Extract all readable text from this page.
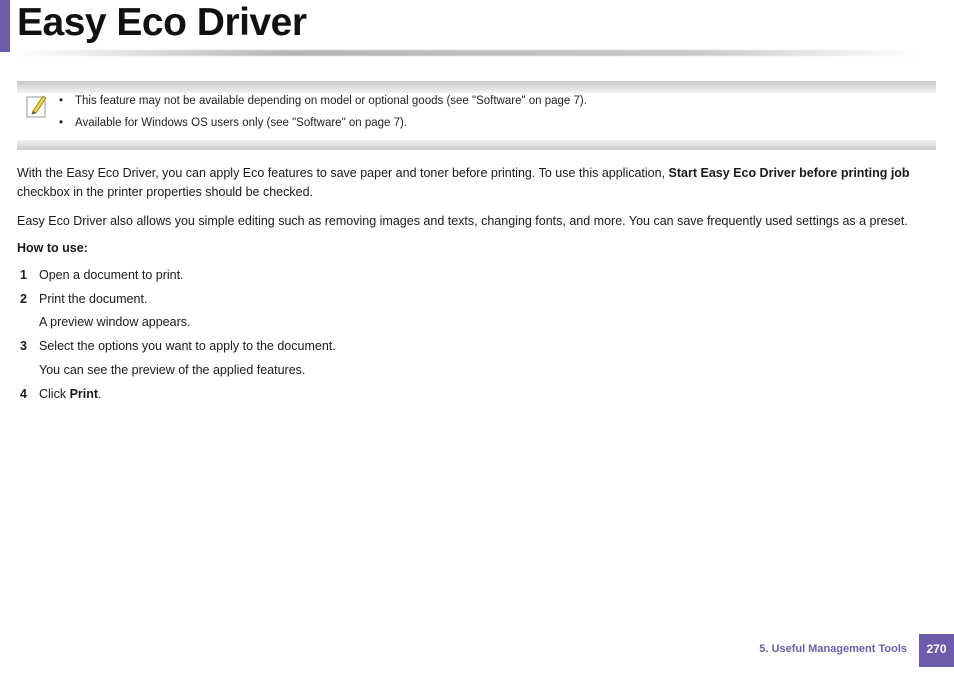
Easy Eco Driver
• This feature may not be available depending on model or optional goods (see "Software" on page 7).
• Available for Windows OS users only (see "Software" on page 7).

With the Easy Eco Driver, you can apply Eco features to save paper and toner before printing. To use this application, Start Easy Eco Driver before printing job checkbox in the printer properties should be checked.

Easy Eco Driver also allows you simple editing such as removing images and texts, changing fonts, and more. You can save frequently used settings as a preset.

How to use:

1 Open a document to print.
2 Print the document.
A preview window appears.
3 Select the options you want to apply to the document.
You can see the preview of the applied features.
4 Click Print.
5. Useful Management Tools	270
